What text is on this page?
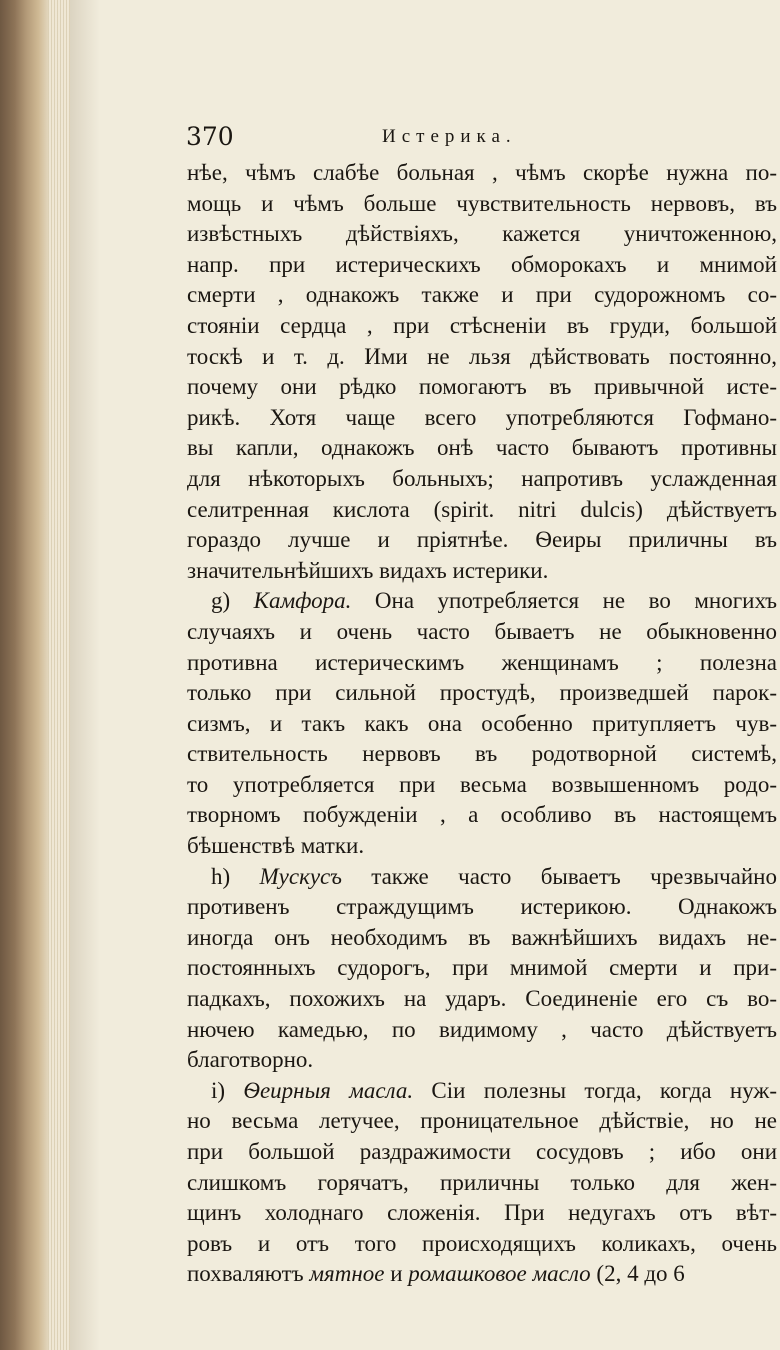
370	Истерика.
нѣе, чѣмъ слабѣе больная , чѣмъ скорѣе нужна по-
мощь и чѣмъ больше чувствительность нервовъ, въ
извѣстныхъ дѣйствіяхъ, кажется уничтоженною,
напр. при истерическихъ обморокахъ и мнимой
смерти , однакожъ также и при судорожномъ со-
стояніи сердца , при стѣсненіи въ груди, большой
тоскѣ и т. д. Ими не льзя дѣйствовать постоянно,
почему они рѣдко помогаютъ въ привычной исте-
рикѣ. Хотя чаще всего употребляются Гофмано-
вы капли, однакожъ онѣ часто бываютъ противны
для нѣкоторыхъ больныхъ; напротивъ услажденная
селитренная кислота (spirit. nitri dulcis) дѣйствуетъ
гораздо лучше и пріятнѣе. Ѳеиры приличны въ
значительнѣйшихъ видахъ истерики.
g) Камфора. Она употребляется не во многихъ
случаяхъ и очень часто бываетъ не обыкновенно
противна истерическимъ женщинамъ ; полезна
только при сильной простудѣ, произведшей парок-
сизмъ, и такъ какъ она особенно притупляетъ чув-
ствительность нервовъ въ родотворной системѣ,
то употребляется при весьма возвышенномъ родо-
творномъ побужденіи , а особливо въ настоящемъ
бѣшенствѣ матки.
h) Мускусъ также часто бываетъ чрезвычайно
противенъ страждущимъ истерикою. Однакожъ
иногда онъ необходимъ въ важнѣйшихъ видахъ не-
постоянныхъ судорогъ, при мнимой смерти и при-
падкахъ, похожихъ на ударъ. Соединеніе его съ во-
нючею камедью, по видимому , часто дѣйствуетъ
благотворно.
i) Ѳеирныя масла. Сіи полезны тогда, когда нуж-
но весьма летучее, проницательное дѣйствіе, но не
при большой раздражимости сосудовъ ; ибо они
слишкомъ горячатъ, приличны только для жен-
щинъ холоднаго сложенія. При недугахъ отъ вѣт-
ровъ и отъ того происходящихъ коликахъ, очень
похваляютъ мятное и ромашковое масло (2, 4 до 6
